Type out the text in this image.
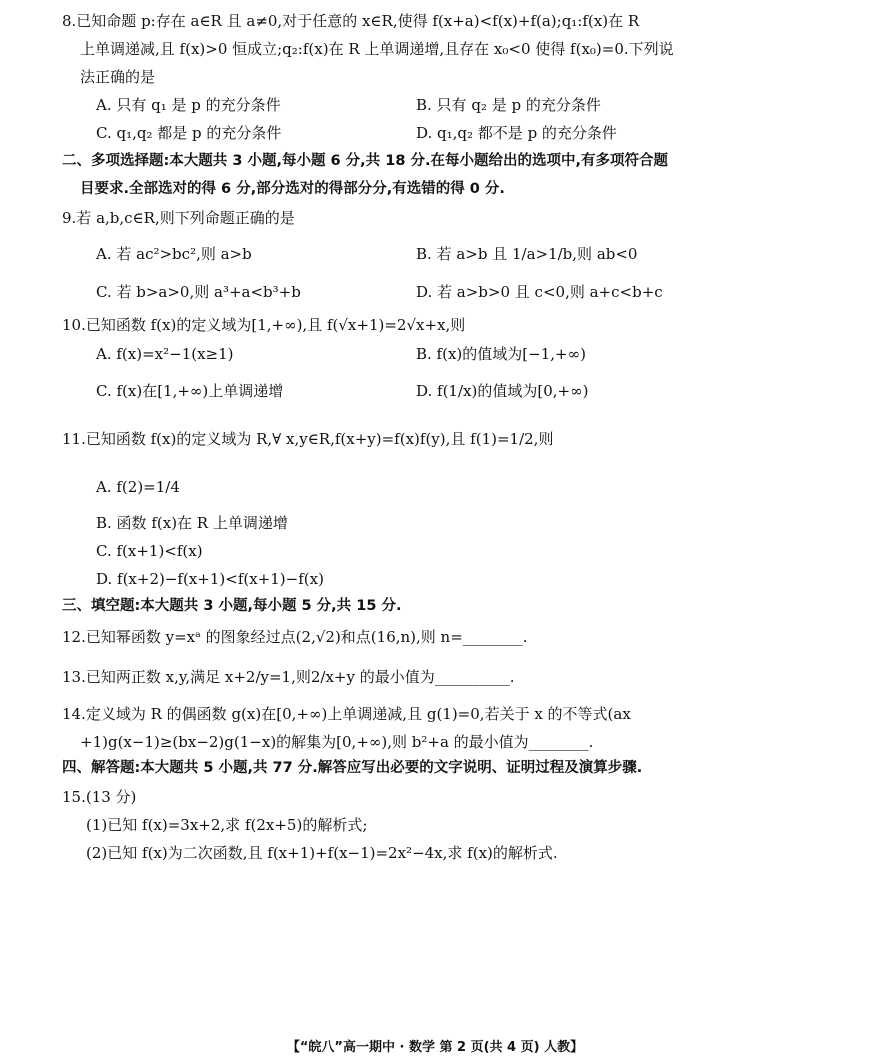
8.已知命题 p:存在 a∈R 且 a≠0,对于任意的 x∈R,使得 f(x+a)<f(x)+f(a);q₁:f(x)在 R
上单调递减,且 f(x)>0 恒成立;q₂:f(x)在 R 上单调递增,且存在 x₀<0 使得 f(x₀)=0.下列说
法正确的是
A. 只有 q₁ 是 p 的充分条件	B. 只有 q₂ 是 p 的充分条件
C. q₁,q₂ 都是 p 的充分条件	D. q₁,q₂ 都不是 p 的充分条件
二、多项选择题:本大题共 3 小题,每小题 6 分,共 18 分.在每小题给出的选项中,有多项符合题
目要求.全部选对的得 6 分,部分选对的得部分分,有选错的得 0 分.
9.若 a,b,c∈R,则下列命题正确的是
A. 若 ac²>bc²,则 a>b	B. 若 a>b 且 1/a>1/b,则 ab<0
C. 若 b>a>0,则 a³+a<b³+b	D. 若 a>b>0 且 c<0,则 a+c<b+c
10.已知函数 f(x)的定义域为[1,+∞),且 f(√x+1)=2√x+x,则
A. f(x)=x²−1(x≥1)	B. f(x)的值域为[−1,+∞)
C. f(x)在[1,+∞)上单调递增	D. f(1/x)的值域为[0,+∞)
11.已知函数 f(x)的定义域为 R,∀ x,y∈R,f(x+y)=f(x)f(y),且 f(1)=1/2,则
A. f(2)=1/4
B. 函数 f(x)在 R 上单调递增
C. f(x+1)<f(x)
D. f(x+2)−f(x+1)<f(x+1)−f(x)
三、填空题:本大题共 3 小题,每小题 5 分,共 15 分.
12.已知幂函数 y=xᵃ 的图象经过点(2,√2)和点(16,n),则 n=________.
13.已知两正数 x,y,满足 x+2/y=1,则2/x+y 的最小值为__________.
14.定义域为 R 的偶函数 g(x)在[0,+∞)上单调递减,且 g(1)=0,若关于 x 的不等式(ax
+1)g(x−1)≥(bx−2)g(1−x)的解集为[0,+∞),则 b²+a 的最小值为________.
四、解答题:本大题共 5 小题,共 77 分.解答应写出必要的文字说明、证明过程及演算步骤.
15.(13 分)
(1)已知 f(x)=3x+2,求 f(2x+5)的解析式;
(2)已知 f(x)为二次函数,且 f(x+1)+f(x−1)=2x²−4x,求 f(x)的解析式.
【“皖八”高一期中 · 数学 第 2 页(共 4 页) 人教】
